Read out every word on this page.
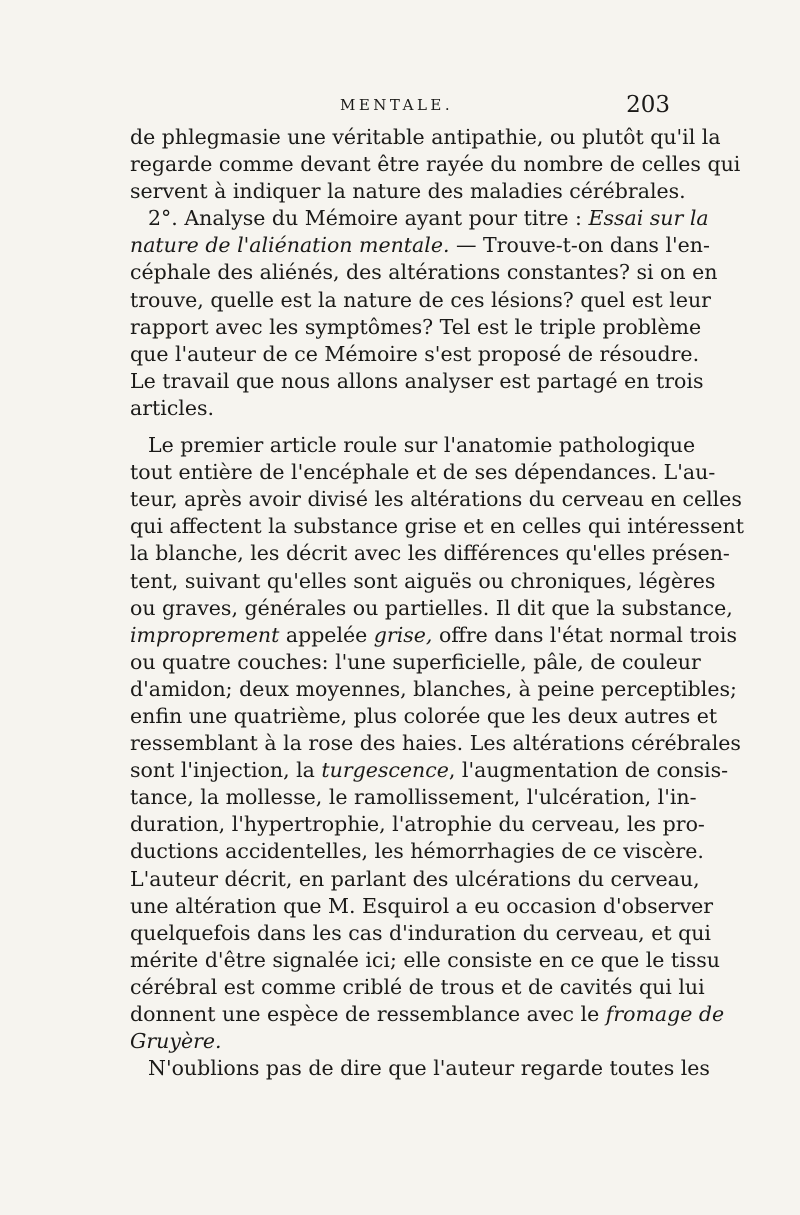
MENTALE.	203
de phlegmasie une véritable antipathie, ou plutôt qu'il la
regarde comme devant être rayée du nombre de celles qui
servent à indiquer la nature des maladies cérébrales.
2°. Analyse du Mémoire ayant pour titre : Essai sur la
nature de l'aliénation mentale. — Trouve-t-on dans l'en-
céphale des aliénés, des altérations constantes? si on en
trouve, quelle est la nature de ces lésions? quel est leur
rapport avec les symptômes? Tel est le triple problème
que l'auteur de ce Mémoire s'est proposé de résoudre.
Le travail que nous allons analyser est partagé en trois
articles.
Le premier article roule sur l'anatomie pathologique
tout entière de l'encéphale et de ses dépendances. L'au-
teur, après avoir divisé les altérations du cerveau en celles
qui affectent la substance grise et en celles qui intéressent
la blanche, les décrit avec les différences qu'elles présen-
tent, suivant qu'elles sont aiguës ou chroniques, légères
ou graves, générales ou partielles. Il dit que la substance,
improprement appelée grise, offre dans l'état normal trois
ou quatre couches: l'une superficielle, pâle, de couleur
d'amidon; deux moyennes, blanches, à peine perceptibles;
enfin une quatrième, plus colorée que les deux autres et
ressemblant à la rose des haies. Les altérations cérébrales
sont l'injection, la turgescence, l'augmentation de consis-
tance, la mollesse, le ramollissement, l'ulcération, l'in-
duration, l'hypertrophie, l'atrophie du cerveau, les pro-
ductions accidentelles, les hémorrhagies de ce viscère.
L'auteur décrit, en parlant des ulcérations du cerveau,
une altération que M. Esquirol a eu occasion d'observer
quelquefois dans les cas d'induration du cerveau, et qui
mérite d'être signalée ici; elle consiste en ce que le tissu
cérébral est comme criblé de trous et de cavités qui lui
donnent une espèce de ressemblance avec le fromage de
Gruyère.
N'oublions pas de dire que l'auteur regarde toutes les
